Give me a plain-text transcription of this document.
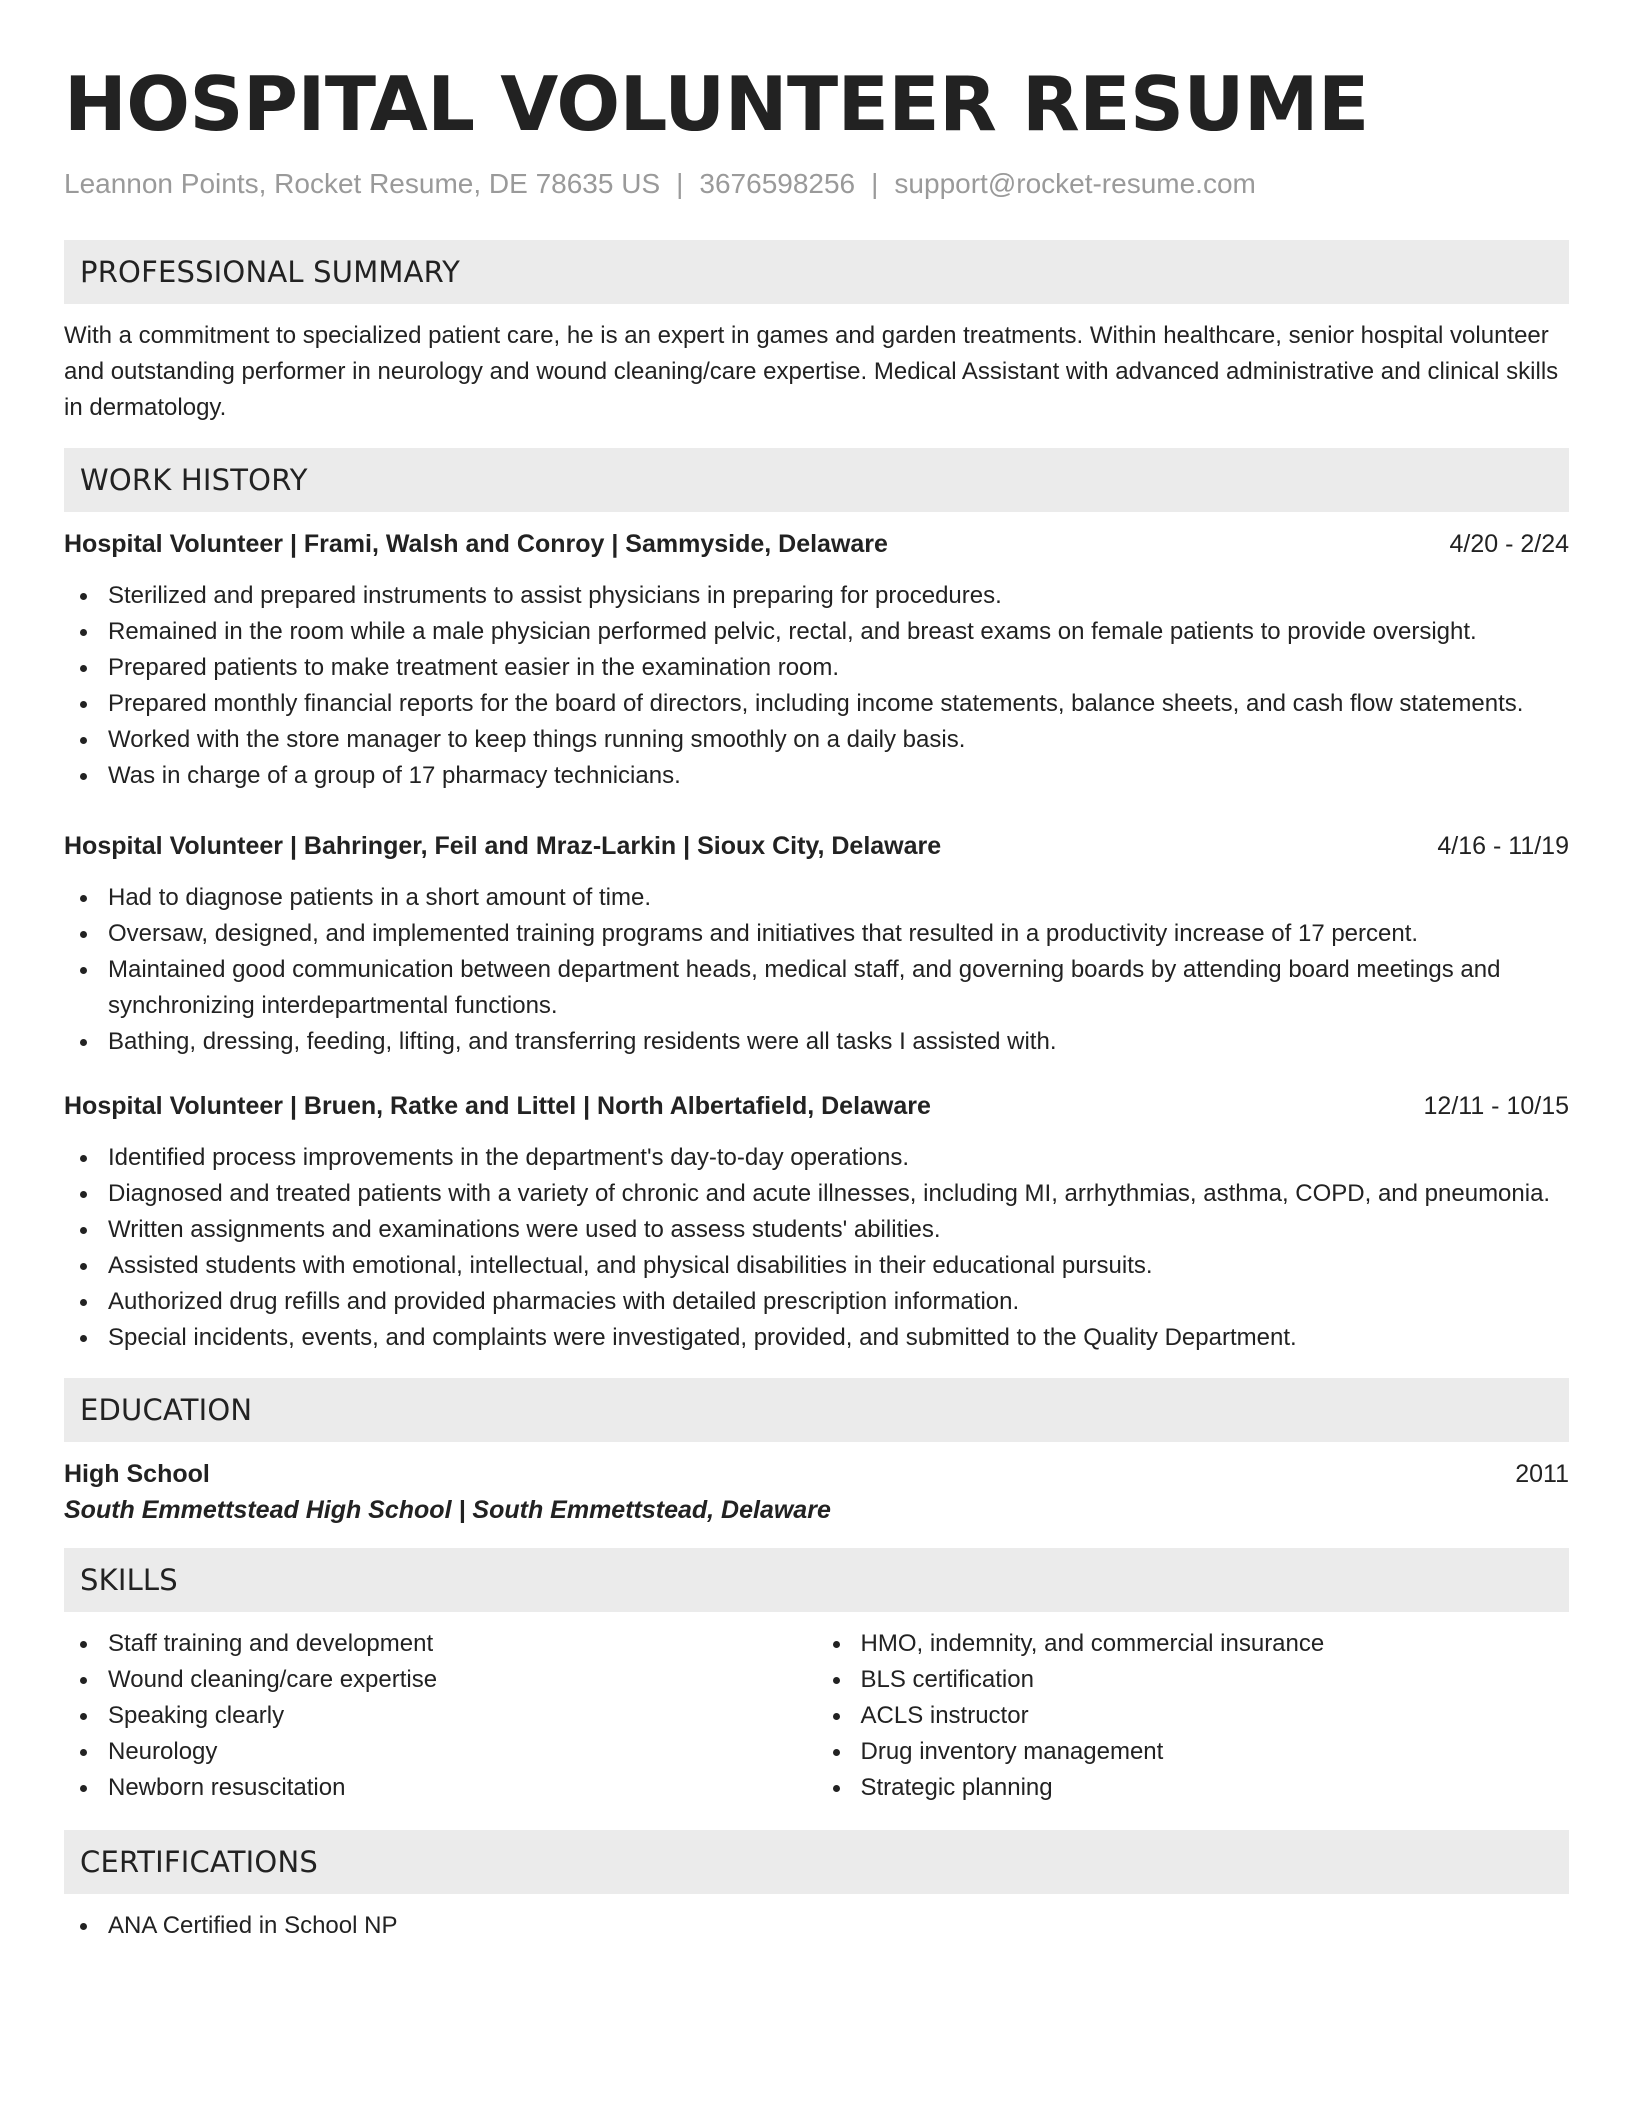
HOSPITAL VOLUNTEER RESUME
Leannon Points, Rocket Resume, DE 78635 US | 3676598256 | support@rocket-resume.com
PROFESSIONAL SUMMARY
With a commitment to specialized patient care, he is an expert in games and garden treatments. Within healthcare, senior hospital volunteer and outstanding performer in neurology and wound cleaning/care expertise. Medical Assistant with advanced administrative and clinical skills in dermatology.
WORK HISTORY
Hospital Volunteer | Frami, Walsh and Conroy | Sammyside, Delaware	4/20 - 2/24
Sterilized and prepared instruments to assist physicians in preparing for procedures.
Remained in the room while a male physician performed pelvic, rectal, and breast exams on female patients to provide oversight.
Prepared patients to make treatment easier in the examination room.
Prepared monthly financial reports for the board of directors, including income statements, balance sheets, and cash flow statements.
Worked with the store manager to keep things running smoothly on a daily basis.
Was in charge of a group of 17 pharmacy technicians.
Hospital Volunteer | Bahringer, Feil and Mraz-Larkin | Sioux City, Delaware	4/16 - 11/19
Had to diagnose patients in a short amount of time.
Oversaw, designed, and implemented training programs and initiatives that resulted in a productivity increase of 17 percent.
Maintained good communication between department heads, medical staff, and governing boards by attending board meetings and synchronizing interdepartmental functions.
Bathing, dressing, feeding, lifting, and transferring residents were all tasks I assisted with.
Hospital Volunteer | Bruen, Ratke and Littel | North Albertafield, Delaware	12/11 - 10/15
Identified process improvements in the department's day-to-day operations.
Diagnosed and treated patients with a variety of chronic and acute illnesses, including MI, arrhythmias, asthma, COPD, and pneumonia.
Written assignments and examinations were used to assess students' abilities.
Assisted students with emotional, intellectual, and physical disabilities in their educational pursuits.
Authorized drug refills and provided pharmacies with detailed prescription information.
Special incidents, events, and complaints were investigated, provided, and submitted to the Quality Department.
EDUCATION
High School	2011
South Emmettstead High School | South Emmettstead, Delaware
SKILLS
Staff training and development
Wound cleaning/care expertise
Speaking clearly
Neurology
Newborn resuscitation
HMO, indemnity, and commercial insurance
BLS certification
ACLS instructor
Drug inventory management
Strategic planning
CERTIFICATIONS
ANA Certified in School NP
